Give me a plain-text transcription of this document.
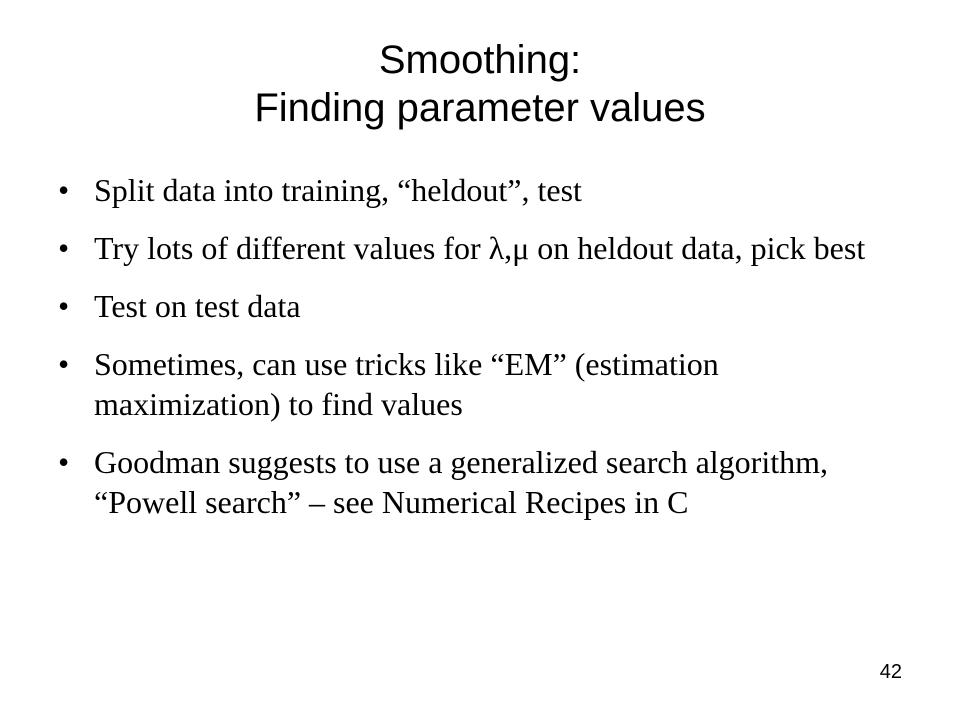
Smoothing:
Finding parameter values
• Split data into training, “heldout”, test
• Try lots of different values for λ,μ on heldout data, pick best
• Test on test data
• Sometimes, can use tricks like “EM” (estimation maximization) to find values
• Goodman suggests to use a generalized search algorithm, “Powell search” – see Numerical Recipes in C
42
